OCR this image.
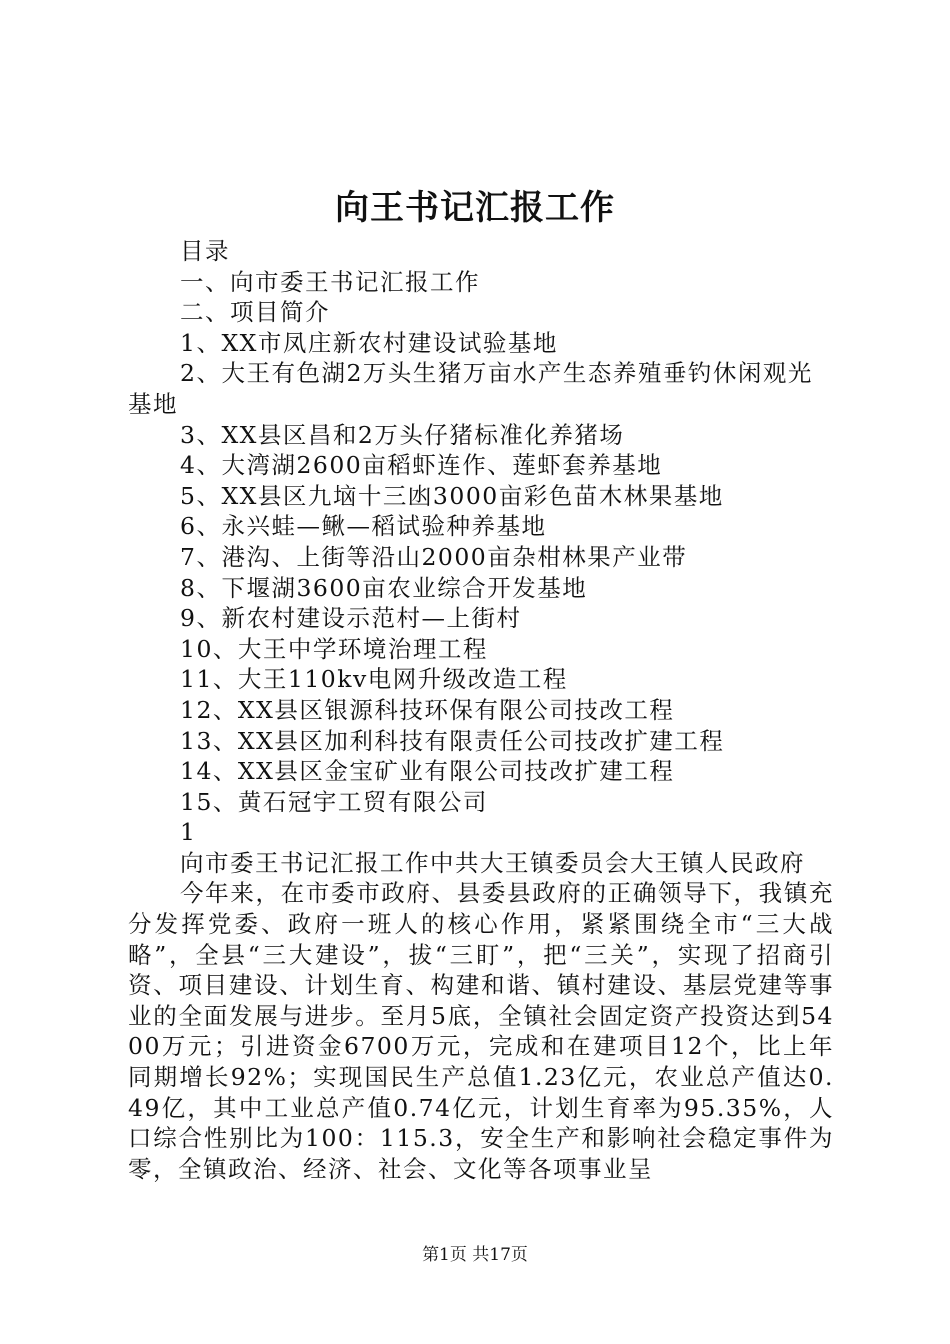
向王书记汇报工作
目录
一、向市委王书记汇报工作
二、项目简介
1、XX市凤庄新农村建设试验基地
2、大王有色湖2万头生猪万亩水产生态养殖垂钓休闲观光
基地
3、XX县区昌和2万头仔猪标准化养猪场
4、大湾湖2600亩稻虾连作、莲虾套养基地
5、XX县区九垴十三凼3000亩彩色苗木林果基地
6、永兴蛙—鳅—稻试验种养基地
7、港沟、上街等沿山2000亩杂柑林果产业带
8、下堰湖3600亩农业综合开发基地
9、新农村建设示范村—上街村
10、大王中学环境治理工程
11、大王110kv电网升级改造工程
12、XX县区银源科技环保有限公司技改工程
13、XX县区加利科技有限责任公司技改扩建工程
14、XX县区金宝矿业有限公司技改扩建工程
15、黄石冠宇工贸有限公司
1
向市委王书记汇报工作中共大王镇委员会大王镇人民政府

今年来，在市委市政府、县委县政府的正确领导下，我镇充分发挥党委、政府一班人的核心作用，紧紧围绕全市“三大战略”，全县“三大建设”，拔“三盯”，把“三关”，实现了招商引资、项目建设、计划生育、构建和谐、镇村建设、基层党建等事业的全面发展与进步。至月5底，全镇社会固定资产投资达到5400万元；引进资金6700万元，完成和在建项目12个，比上年同期增长92%；实现国民生产总值1.23亿元，农业总产值达0.49亿，其中工业总产值0.74亿元，计划生育率为95.35%，人口综合性别比为100：115.3，安全生产和影响社会稳定事件为零，全镇政治、经济、社会、文化等各项事业呈

第1页 共17页
